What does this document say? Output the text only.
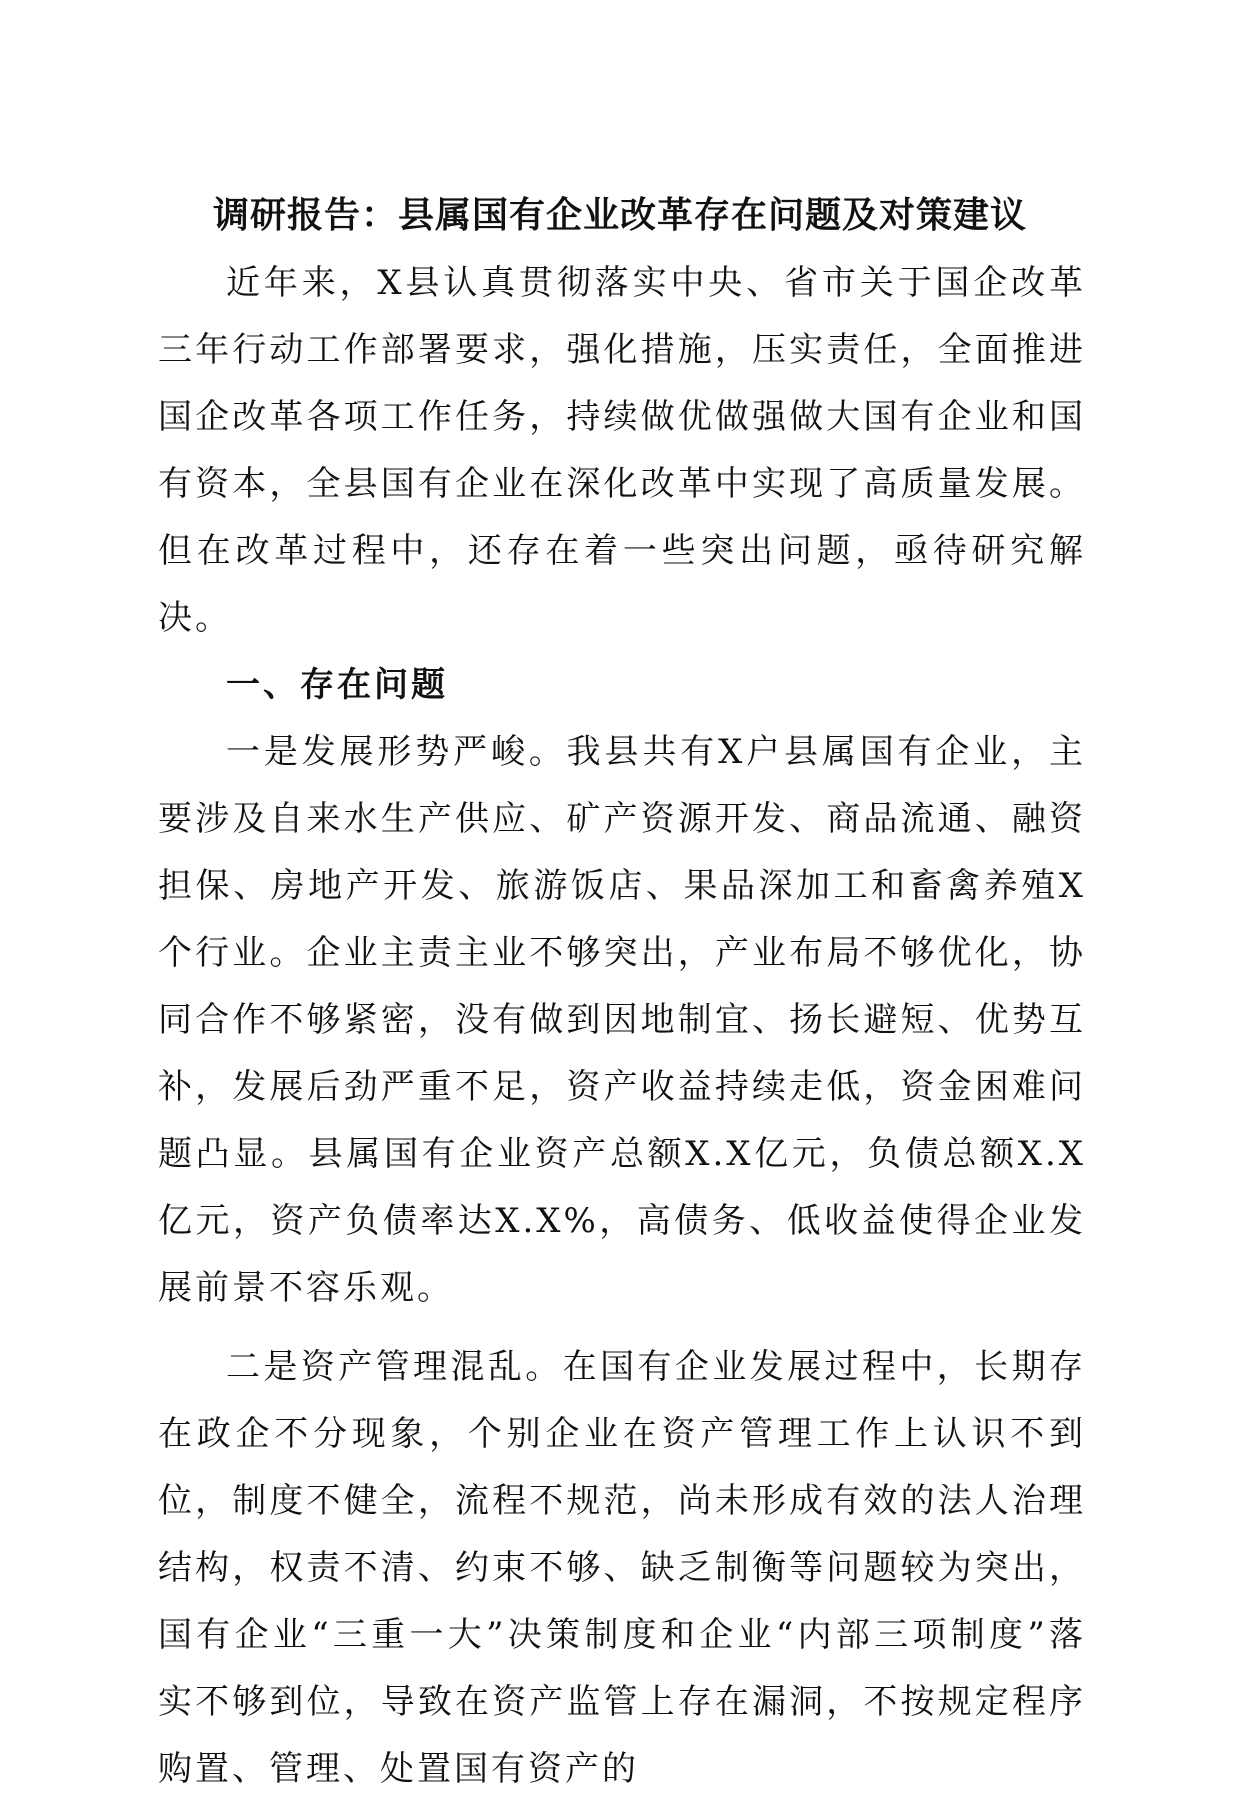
调研报告：县属国有企业改革存在问题及对策建议

近年来，X县认真贯彻落实中央、省市关于国企改革三年行动工作部署要求，强化措施，压实责任，全面推进国企改革各项工作任务，持续做优做强做大国有企业和国有资本，全县国有企业在深化改革中实现了高质量发展。但在改革过程中，还存在着一些突出问题，亟待研究解决。

一、存在问题

一是发展形势严峻。我县共有X户县属国有企业，主要涉及自来水生产供应、矿产资源开发、商品流通、融资担保、房地产开发、旅游饭店、果品深加工和畜禽养殖X个行业。企业主责主业不够突出，产业布局不够优化，协同合作不够紧密，没有做到因地制宜、扬长避短、优势互补，发展后劲严重不足，资产收益持续走低，资金困难问题凸显。县属国有企业资产总额X.X亿元，负债总额X.X亿元，资产负债率达X.X%，高债务、低收益使得企业发展前景不容乐观。

二是资产管理混乱。在国有企业发展过程中，长期存在政企不分现象，个别企业在资产管理工作上认识不到位，制度不健全，流程不规范，尚未形成有效的法人治理结构，权责不清、约束不够、缺乏制衡等问题较为突出，国有企业“三重一大”决策制度和企业“内部三项制度”落实不够到位，导致在资产监管上存在漏洞，不按规定程序购置、管理、处置国有资产的
